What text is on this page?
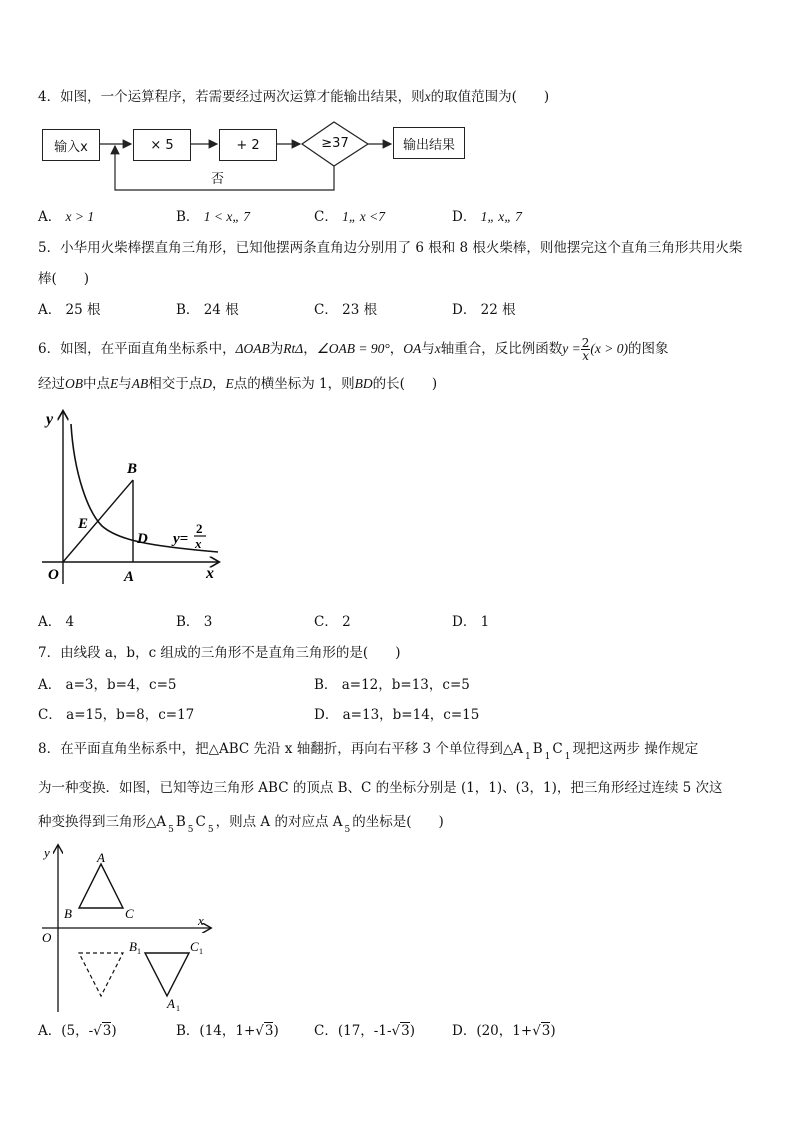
4．如图，一个运算程序，若需要经过两次运算才能输出结果，则x的取值范围为(　　)
输入x	× 5	+ 2	输出结果
≥37
否
A． x > 1	B． 1 < x„ 7	C． 1„ x <7	D． 1„ x„ 7
5．小华用火柴棒摆直角三角形，已知他摆两条直角边分别用了 6 根和 8 根火柴棒，则他摆完这个直角三角形共用火柴
棒(　　)
A． 25 根	B． 24 根	C． 23 根	D． 22 根
6．如图，在平面直角坐标系中，ΔOAB为RtΔ，∠OAB = 90°，OA与x轴重合，反比例函数$y = \frac{2}{x} (x > 0)$的图象
经过OB中点E与AB相交于点D，E点的横坐标为 1，则BD的长(　　)
y
x
O	A
B
D
E
y=
2
x
A． 4	B． 3	C． 2	D． 1
7．由线段 a，b，c 组成的三角形不是直角三角形的是(　　)
A． a=3，b=4，c=5	B． a=12，b=13，c=5
C． a=15，b=8，c=17	D． a=13，b=14，c=15
8．在平面直角坐标系中，把△ABC 先沿 x 轴翻折，再向右平移 3 个单位得到△A $_1$ B $_1$ C $_1$ 现把这两步 操作规定
为一种变换．如图，已知等边三角形 ABC 的顶点 B、C 的坐标分别是 (1，1)、(3，1)，把三角形经过连续 5 次这
种变换得到三角形△A $_5$ B $_5$ C $_5$ ，则点 A 的对应点 A $_5$ 的坐标是(　　)
y
x
O
A
B	C
B 1	C 1
A 1
A．(5，-√3)	B．(14，1+√3)	C．(17，-1-√3)	D．(20，1+√3)
